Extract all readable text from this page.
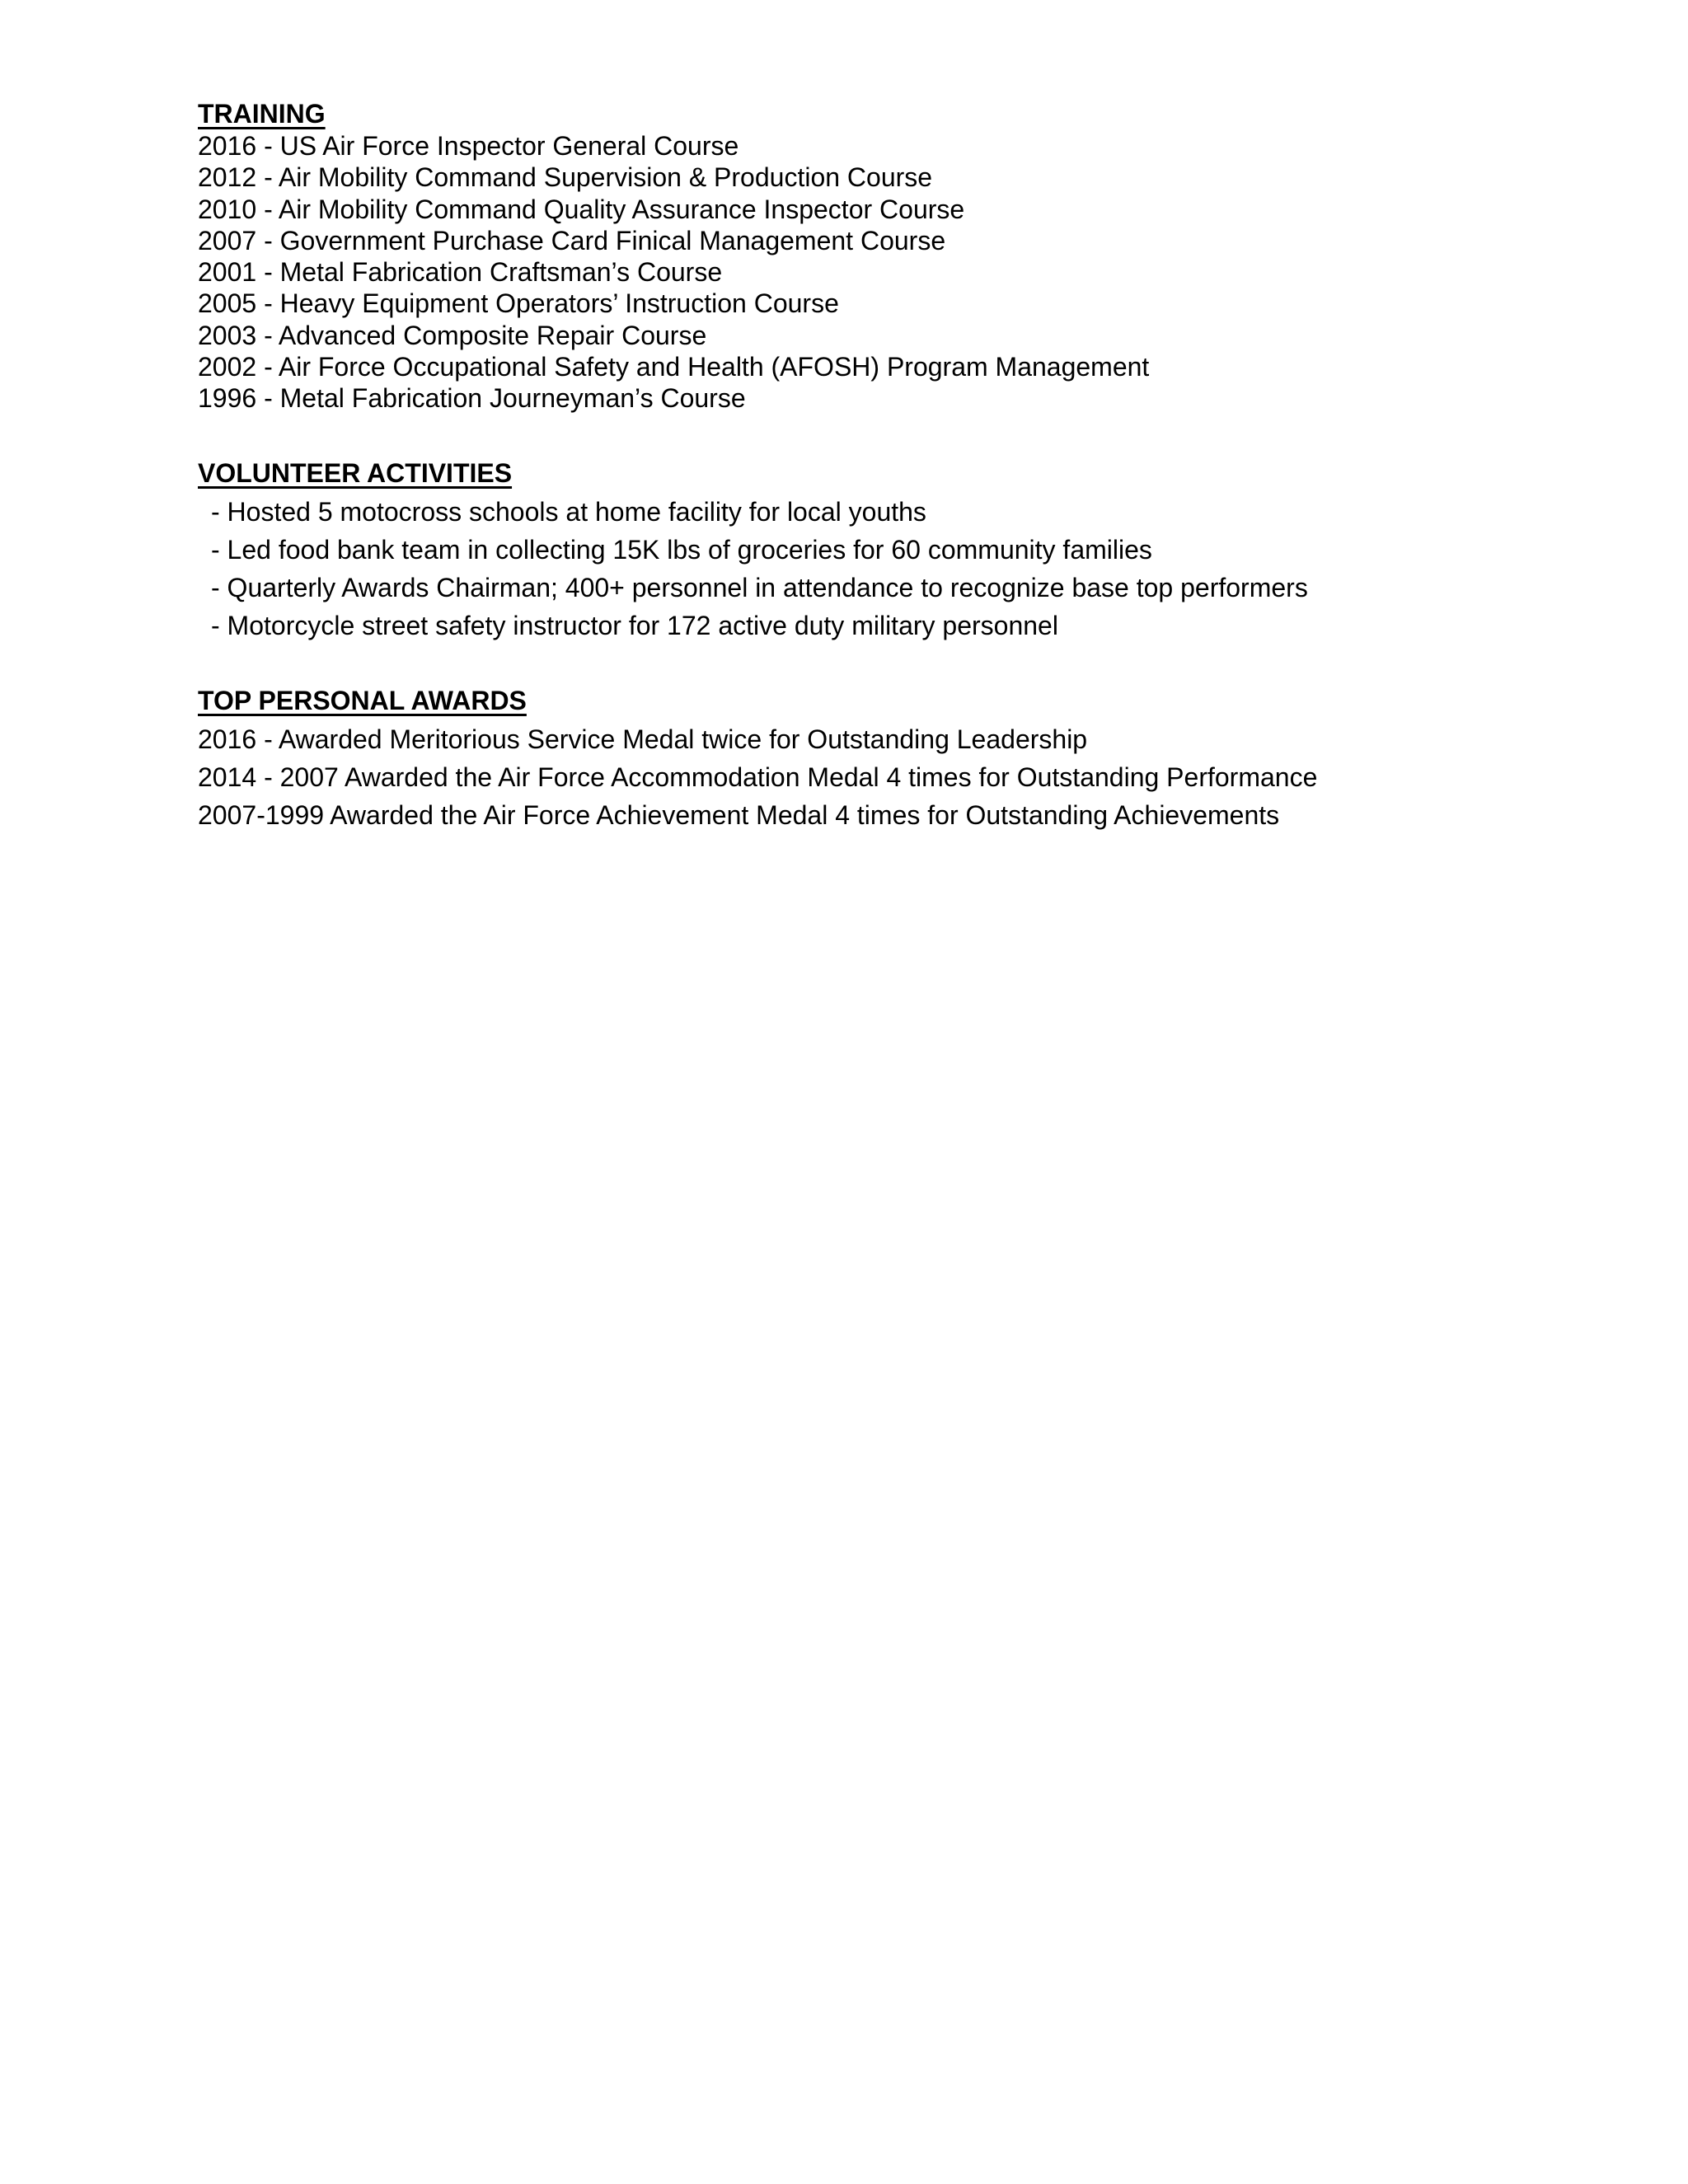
TRAINING
2016 - US Air Force Inspector General Course
2012 - Air Mobility Command Supervision & Production Course
2010 - Air Mobility Command Quality Assurance Inspector Course
2007 - Government Purchase Card Finical Management Course
2001 - Metal Fabrication Craftsman’s Course
2005 - Heavy Equipment Operators’ Instruction Course
2003 - Advanced Composite Repair Course
2002 - Air Force Occupational Safety and Health (AFOSH) Program Management
1996 - Metal Fabrication Journeyman’s Course
VOLUNTEER ACTIVITIES
- Hosted 5 motocross schools at home facility for local youths
- Led food bank team in collecting 15K lbs of groceries for 60 community families
- Quarterly Awards Chairman; 400+ personnel in attendance to recognize base top performers
- Motorcycle street safety instructor for 172 active duty military personnel
TOP PERSONAL AWARDS
2016 - Awarded Meritorious Service Medal twice for Outstanding Leadership
2014 - 2007 Awarded the Air Force Accommodation Medal 4 times for Outstanding Performance
2007-1999 Awarded the Air Force Achievement Medal 4 times for Outstanding Achievements
